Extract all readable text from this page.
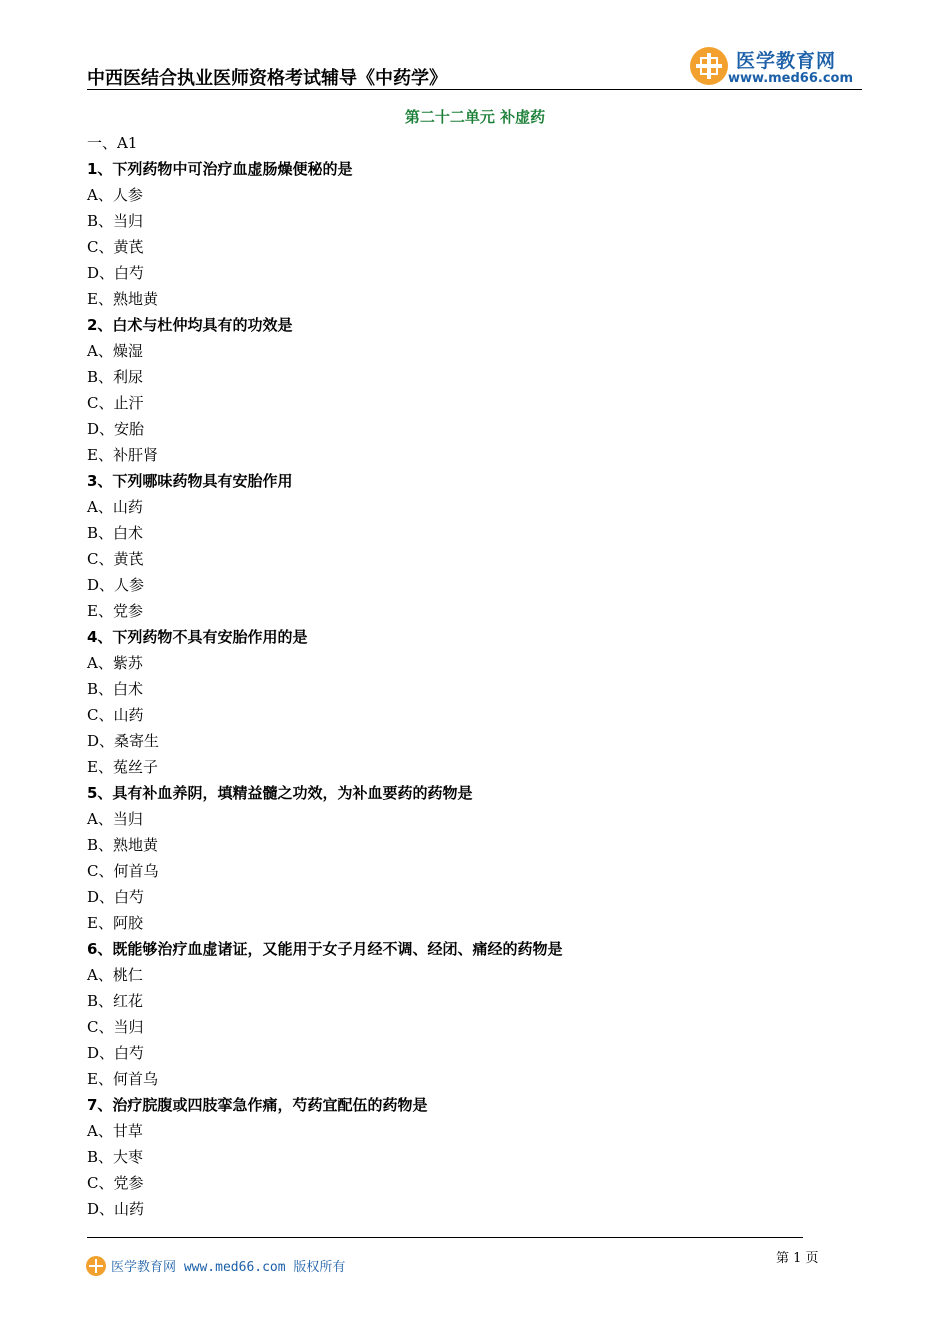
中西医结合执业医师资格考试辅导《中药学》
医学教育网
www.med66.com
第二十二单元 补虚药
一、A1
1、下列药物中可治疗血虚肠燥便秘的是
A、人参
B、当归
C、黄芪
D、白芍
E、熟地黄
2、白术与杜仲均具有的功效是
A、燥湿
B、利尿
C、止汗
D、安胎
E、补肝肾
3、下列哪味药物具有安胎作用
A、山药
B、白术
C、黄芪
D、人参
E、党参
4、下列药物不具有安胎作用的是
A、紫苏
B、白术
C、山药
D、桑寄生
E、菟丝子
5、具有补血养阴，填精益髓之功效，为补血要药的药物是
A、当归
B、熟地黄
C、何首乌
D、白芍
E、阿胶
6、既能够治疗血虚诸证，又能用于女子月经不调、经闭、痛经的药物是
A、桃仁
B、红花
C、当归
D、白芍
E、何首乌
7、治疗脘腹或四肢挛急作痛，芍药宜配伍的药物是
A、甘草
B、大枣
C、党参
D、山药
第 1 页
医学教育网 www.med66.com 版权所有
